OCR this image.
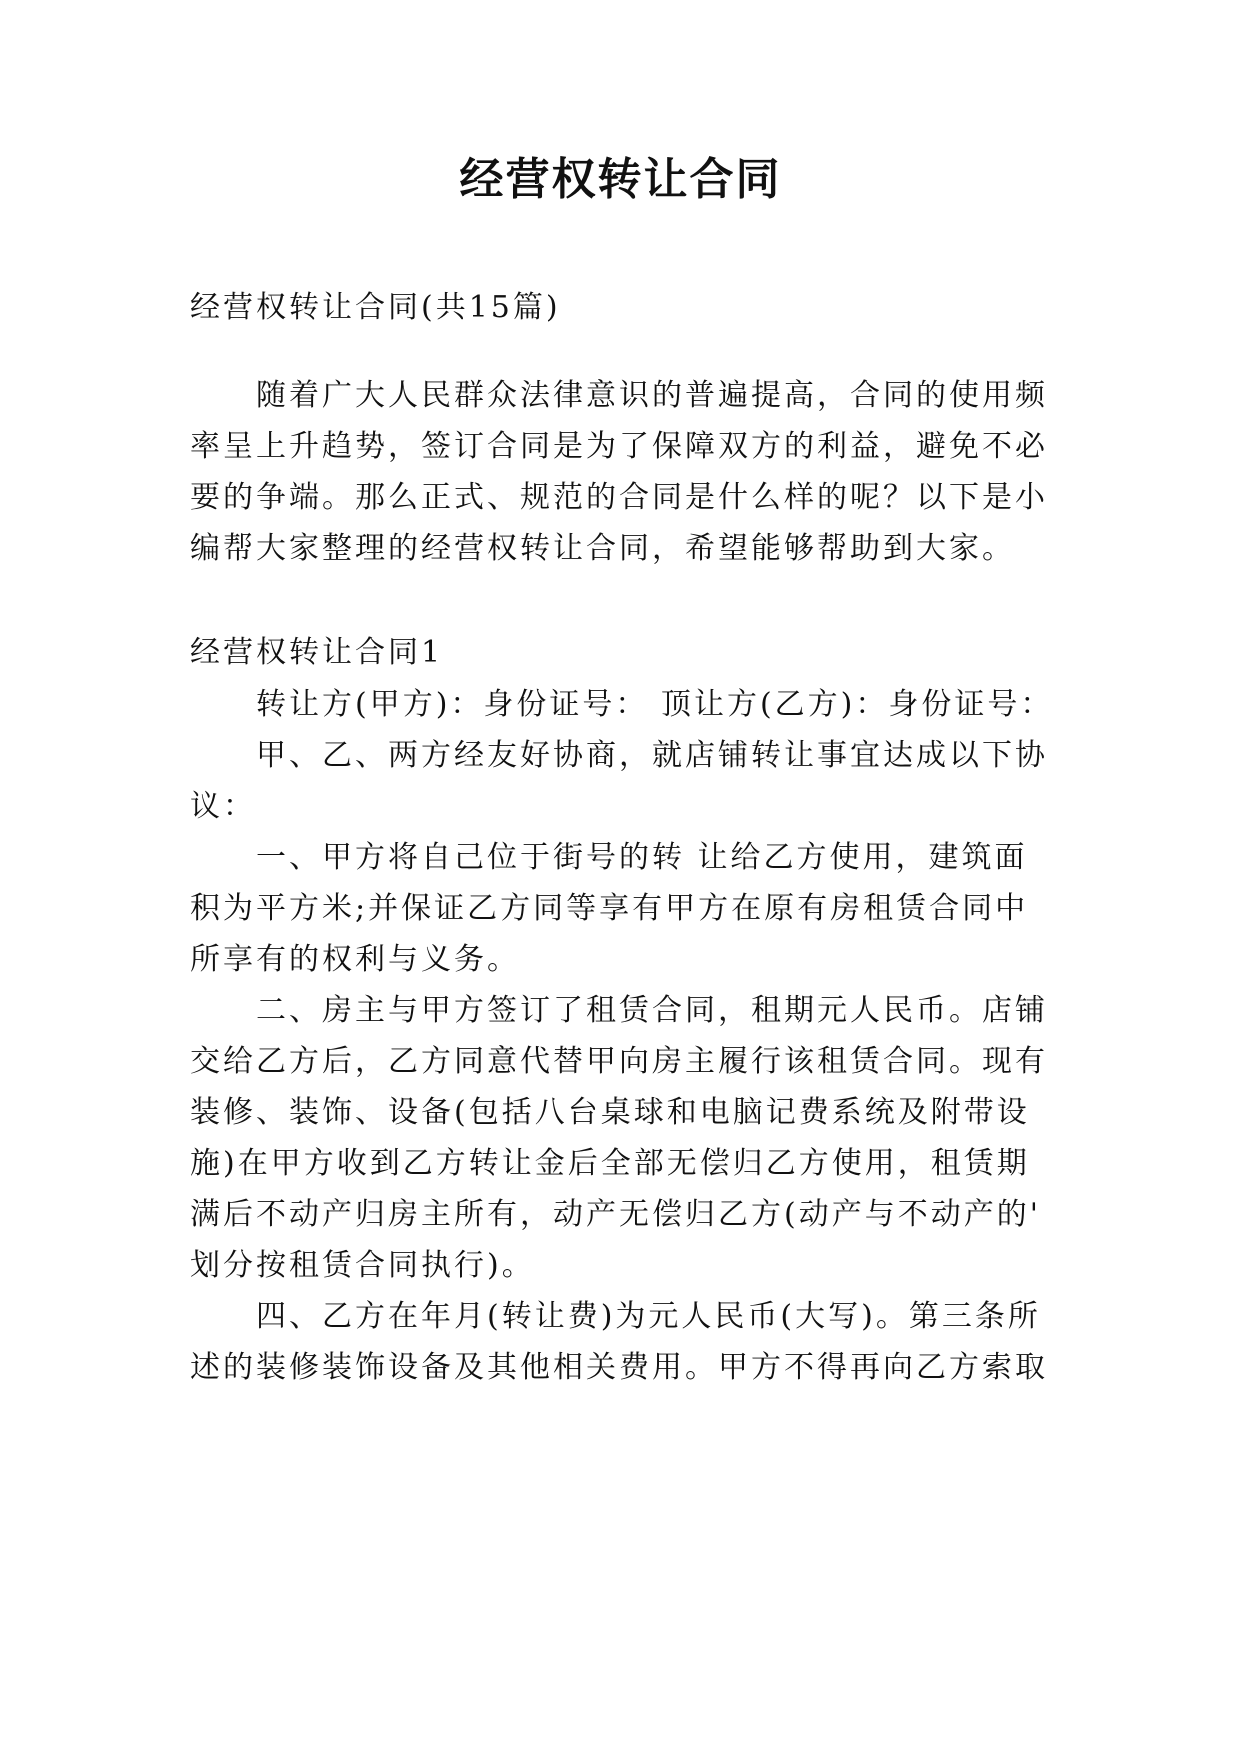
经营权转让合同
经营权转让合同(共15篇)
随着广大人民群众法律意识的普遍提高，合同的使用频
率呈上升趋势，签订合同是为了保障双方的利益，避免不必
要的争端。那么正式、规范的合同是什么样的呢？以下是小
编帮大家整理的经营权转让合同，希望能够帮助到大家。
经营权转让合同1
转让方(甲方)：身份证号： 顶让方(乙方)：身份证号：
甲、乙、两方经友好协商，就店铺转让事宜达成以下协
议：
一、甲方将自己位于街号的转 让给乙方使用，建筑面
积为平方米;并保证乙方同等享有甲方在原有房租赁合同中
所享有的权利与义务。
二、房主与甲方签订了租赁合同，租期元人民币。店铺
交给乙方后，乙方同意代替甲向房主履行该租赁合同。现有
装修、装饰、设备(包括八台桌球和电脑记费系统及附带设
施)在甲方收到乙方转让金后全部无偿归乙方使用，租赁期
满后不动产归房主所有，动产无偿归乙方(动产与不动产的'
划分按租赁合同执行)。
四、乙方在年月(转让费)为元人民币(大写)。第三条所
述的装修装饰设备及其他相关费用。甲方不得再向乙方索取
